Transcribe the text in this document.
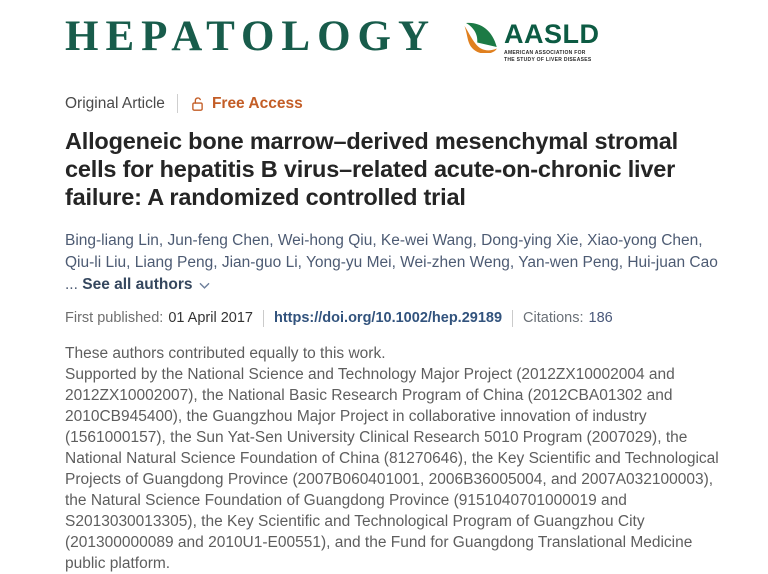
HEPATOLOGY	AASLD
AMERICAN ASSOCIATION FOR
THE STUDY OF LIVER DISEASES
Original Article	Free Access
Allogeneic bone marrow–derived mesenchymal stromal cells for hepatitis B virus–related acute-on-chronic liver failure: A randomized controlled trial
Bing-liang Lin, Jun-feng Chen, Wei-hong Qiu, Ke-wei Wang, Dong-ying Xie, Xiao-yong Chen, Qiu-li Liu, Liang Peng, Jian-guo Li, Yong-yu Mei, Wei-zhen Weng, Yan-wen Peng, Hui-juan Cao ... See all authors
First published: 01 April 2017 https://doi.org/10.1002/hep.29189 Citations: 186
These authors contributed equally to this work.
Supported by the National Science and Technology Major Project (2012ZX10002004 and 2012ZX10002007), the National Basic Research Program of China (2012CBA01302 and 2010CB945400), the Guangzhou Major Project in collaborative innovation of industry (1561000157), the Sun Yat-Sen University Clinical Research 5010 Program (2007029), the National Natural Science Foundation of China (81270646), the Key Scientific and Technological Projects of Guangdong Province (2007B060401001, 2006B36005004, and 2007A032100003), the Natural Science Foundation of Guangdong Province (9151040701000019 and S2013030013305), the Key Scientific and Technological Program of Guangzhou City (201300000089 and 2010U1-E00551), and the Fund for Guangdong Translational Medicine public platform.
